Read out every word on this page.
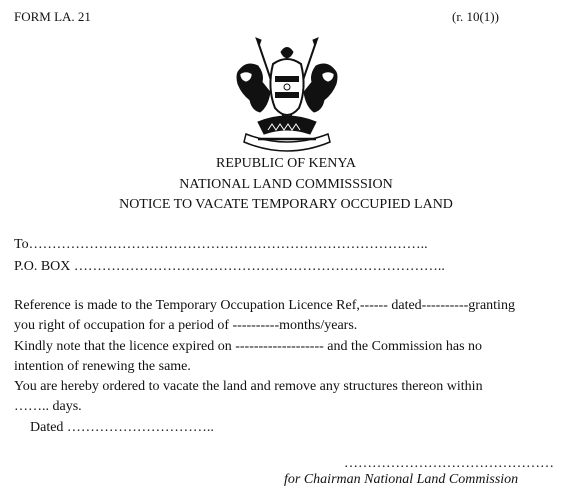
FORM LA. 21	(r. 10(1))
REPUBLIC OF KENYA
NATIONAL LAND COMMISSSION
NOTICE TO VACATE TEMPORARY OCCUPIED LAND
To…………………………………………………………………………..
P.O. BOX ……………………………………………………………………..
Reference is made to the Temporary Occupation Licence Ref,------ dated----------granting
you right of occupation for a period of ----------months/years.
Kindly note that the licence expired on ------------------- and the Commission has no
intention of renewing the same.
You are hereby ordered to vacate the land and remove any structures thereon within
…….. days.
Dated …………………………..
………………………………………
for Chairman National Land Commission
